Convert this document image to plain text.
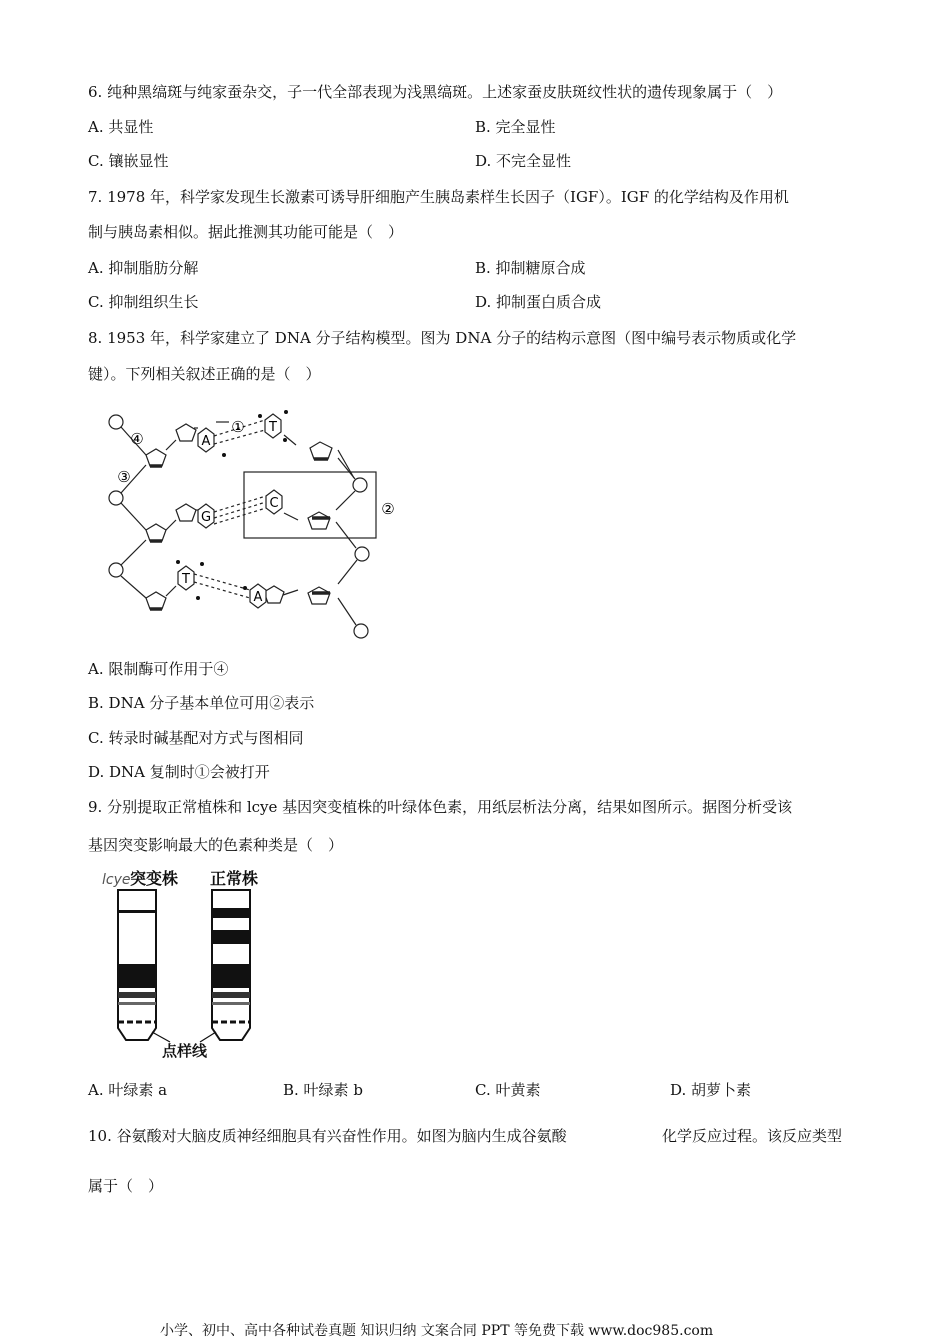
6. 纯种黑缟斑与纯家蚕杂交，子一代全部表现为浅黑缟斑。上述家蚕皮肤斑纹性状的遗传现象属于（　）
A. 共显性	B. 完全显性
C. 镶嵌显性	D. 不完全显性
7. 1978 年，科学家发现生长激素可诱导肝细胞产生胰岛素样生长因子（IGF）。IGF 的化学结构及作用机
制与胰岛素相似。据此推测其功能可能是（　）
A. 抑制脂肪分解	B. 抑制糖原合成
C. 抑制组织生长	D. 抑制蛋白质合成
8. 1953 年，科学家建立了 DNA 分子结构模型。图为 DNA 分子的结构示意图（图中编号表示物质或化学
键）。下列相关叙述正确的是（　）
A
T
G
C
T
A
④
③
①
②
A. 限制酶可作用于④
B. DNA 分子基本单位可用②表示
C. 转录时碱基配对方式与图相同
D. DNA 复制时①会被打开
9. 分别提取正常植株和 lcye 基因突变植株的叶绿体色素，用纸层析法分离，结果如图所示。据图分析受该
基因突变影响最大的色素种类是（　）
lcye 突变株 正常株
点样线
A. 叶绿素 a	B. 叶绿素 b	C. 叶黄素	D. 胡萝卜素
10. 谷氨酸对大脑皮质神经细胞具有兴奋性作用。如图为脑内生成谷氨酸	化学反应过程。该反应类型
属于（　）
小学、初中、高中各种试卷真题 知识归纳 文案合同 PPT 等免费下载 www.doc985.com
